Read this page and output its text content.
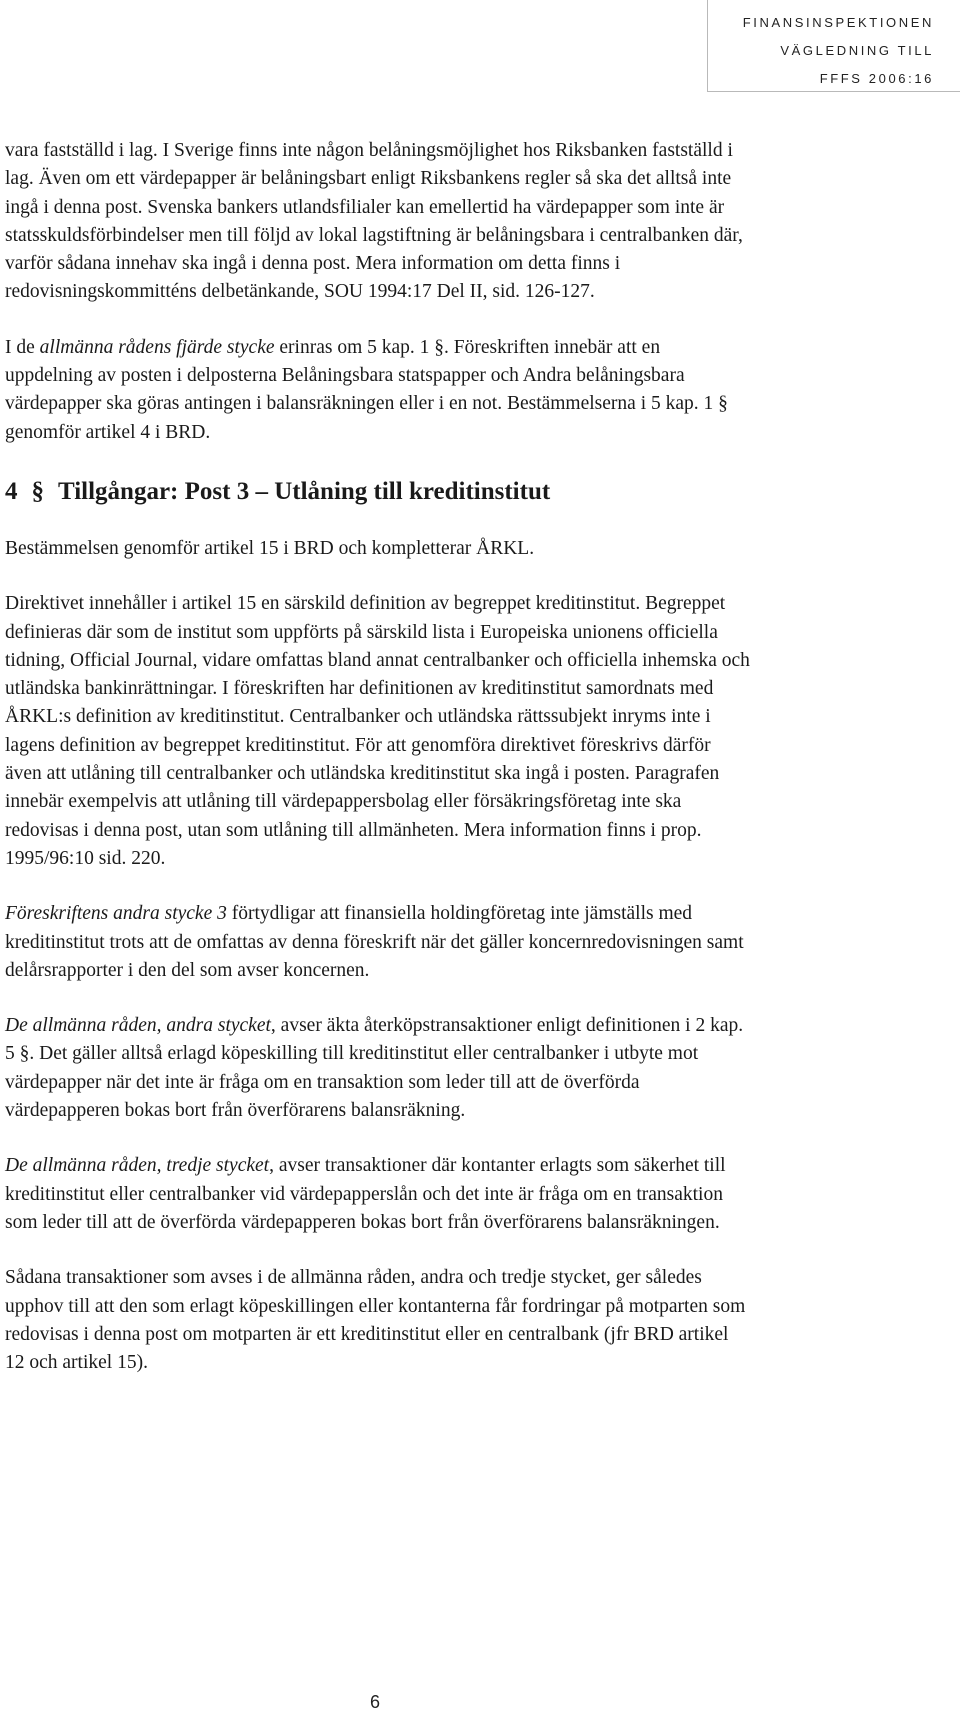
FINANSINSPEKTIONEN
VÄGLEDNING TILL
FFFS 2006:16

vara fastställd i lag. I Sverige finns inte någon belåningsmöjlighet hos Riksbanken fastställd i lag. Även om ett värdepapper är belåningsbart enligt Riksbankens regler så ska det alltså inte ingå i denna post. Svenska bankers utlandsfilialer kan emellertid ha värdepapper som inte är statsskuldsförbindelser men till följd av lokal lagstiftning är belåningsbara i centralbanken där, varför sådana innehav ska ingå i denna post. Mera information om detta finns i redovisningskommitténs delbetänkande, SOU 1994:17 Del II, sid. 126-127.

I de allmänna rådens fjärde stycke erinras om 5 kap. 1 §. Föreskriften innebär att en uppdelning av posten i delposterna Belåningsbara statspapper och Andra belåningsbara värdepapper ska göras antingen i balansräkningen eller i en not. Bestämmelserna i 5 kap. 1 § genomför artikel 4 i BRD.

4 § Tillgångar: Post 3 – Utlåning till kreditinstitut

Bestämmelsen genomför artikel 15 i BRD och kompletterar ÅRKL.

Direktivet innehåller i artikel 15 en särskild definition av begreppet kreditinstitut. Begreppet definieras där som de institut som uppförts på särskild lista i Europeiska unionens officiella tidning, Official Journal, vidare omfattas bland annat centralbanker och officiella inhemska och utländska bankinrättningar. I föreskriften har definitionen av kreditinstitut samordnats med ÅRKL:s definition av kreditinstitut. Centralbanker och utländska rättssubjekt inryms inte i lagens definition av begreppet kreditinstitut. För att genomföra direktivet föreskrivs därför även att utlåning till centralbanker och utländska kreditinstitut ska ingå i posten. Paragrafen innebär exempelvis att utlåning till värdepappersbolag eller försäkringsföretag inte ska redovisas i denna post, utan som utlåning till allmänheten. Mera information finns i prop. 1995/96:10 sid. 220.

Föreskriftens andra stycke 3 förtydligar att finansiella holdingföretag inte jämställs med kreditinstitut trots att de omfattas av denna föreskrift när det gäller koncernredovisningen samt delårsrapporter i den del som avser koncernen.

De allmänna råden, andra stycket, avser äkta återköpstransaktioner enligt definitionen i 2 kap. 5 §. Det gäller alltså erlagd köpeskilling till kreditinstitut eller centralbanker i utbyte mot värdepapper när det inte är fråga om en transaktion som leder till att de överförda värdepapperen bokas bort från överförarens balansräkning.

De allmänna råden, tredje stycket, avser transaktioner där kontanter erlagts som säkerhet till kreditinstitut eller centralbanker vid värdepapperslån och det inte är fråga om en transaktion som leder till att de överförda värdepapperen bokas bort från överförarens balansräkningen.

Sådana transaktioner som avses i de allmänna råden, andra och tredje stycket, ger således upphov till att den som erlagt köpeskillingen eller kontanterna får fordringar på motparten som redovisas i denna post om motparten är ett kreditinstitut eller en centralbank (jfr BRD artikel 12 och artikel 15).

6
